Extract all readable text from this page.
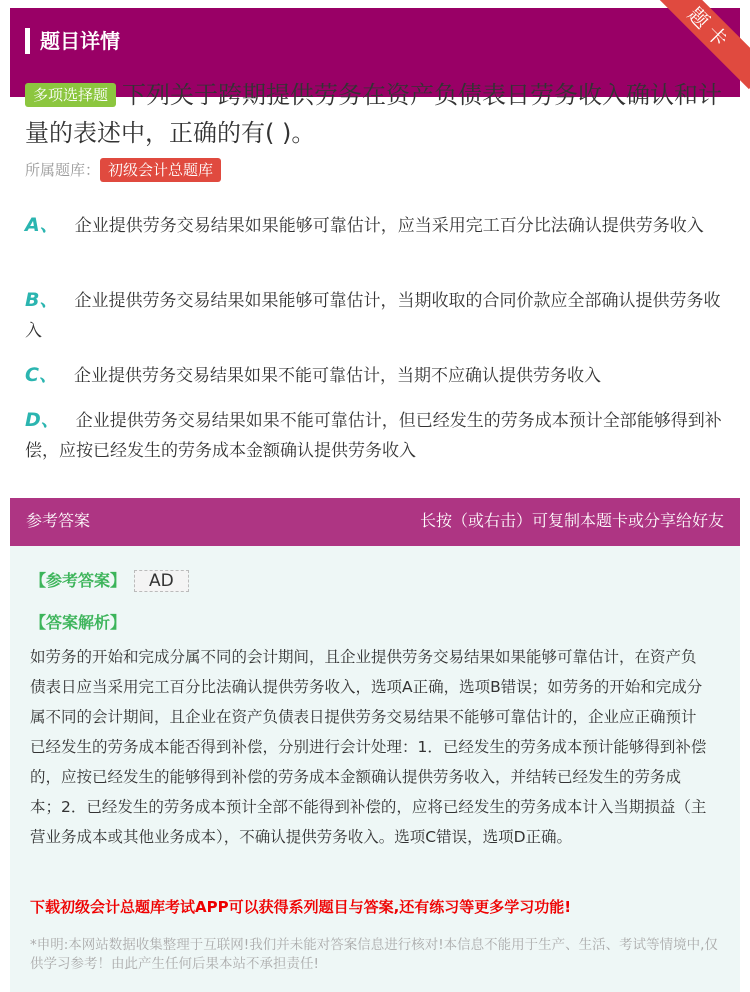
题目详情	题卡
多项选择题 下列关于跨期提供劳务在资产负债表日劳务收入确认和计量的表述中，正确的有( )。
所属题库： 初级会计总题库
A、 企业提供劳务交易结果如果能够可靠估计，应当采用完工百分比法确认提供劳务收入
B、 企业提供劳务交易结果如果能够可靠估计，当期收取的合同价款应全部确认提供劳务收入
C、 企业提供劳务交易结果如果不能可靠估计，当期不应确认提供劳务收入
D、 企业提供劳务交易结果如果不能可靠估计，但已经发生的劳务成本预计全部能够得到补偿，应按已经发生的劳务成本金额确认提供劳务收入
参考答案	长按（或右击）可复制本题卡或分享给好友
【参考答案】 AD
【答案解析】
如劳务的开始和完成分属不同的会计期间，且企业提供劳务交易结果如果能够可靠估计，在资产负债表日应当采用完工百分比法确认提供劳务收入，选项A正确，选项B错误；如劳务的开始和完成分属不同的会计期间，且企业在资产负债表日提供劳务交易结果不能够可靠估计的，企业应正确预计已经发生的劳务成本能否得到补偿，分别进行会计处理：1．已经发生的劳务成本预计能够得到补偿的，应按已经发生的能够得到补偿的劳务成本金额确认提供劳务收入，并结转已经发生的劳务成本；2．已经发生的劳务成本预计全部不能得到补偿的，应将已经发生的劳务成本计入当期损益（主营业务成本或其他业务成本），不确认提供劳务收入。选项C错误，选项D正确。
下载初级会计总题库考试APP可以获得系列题目与答案,还有练习等更多学习功能!
*申明:本网站数据收集整理于互联网!我们并未能对答案信息进行核对!本信息不能用于生产、生活、考试等情境中,仅供学习参考！由此产生任何后果本站不承担责任!
